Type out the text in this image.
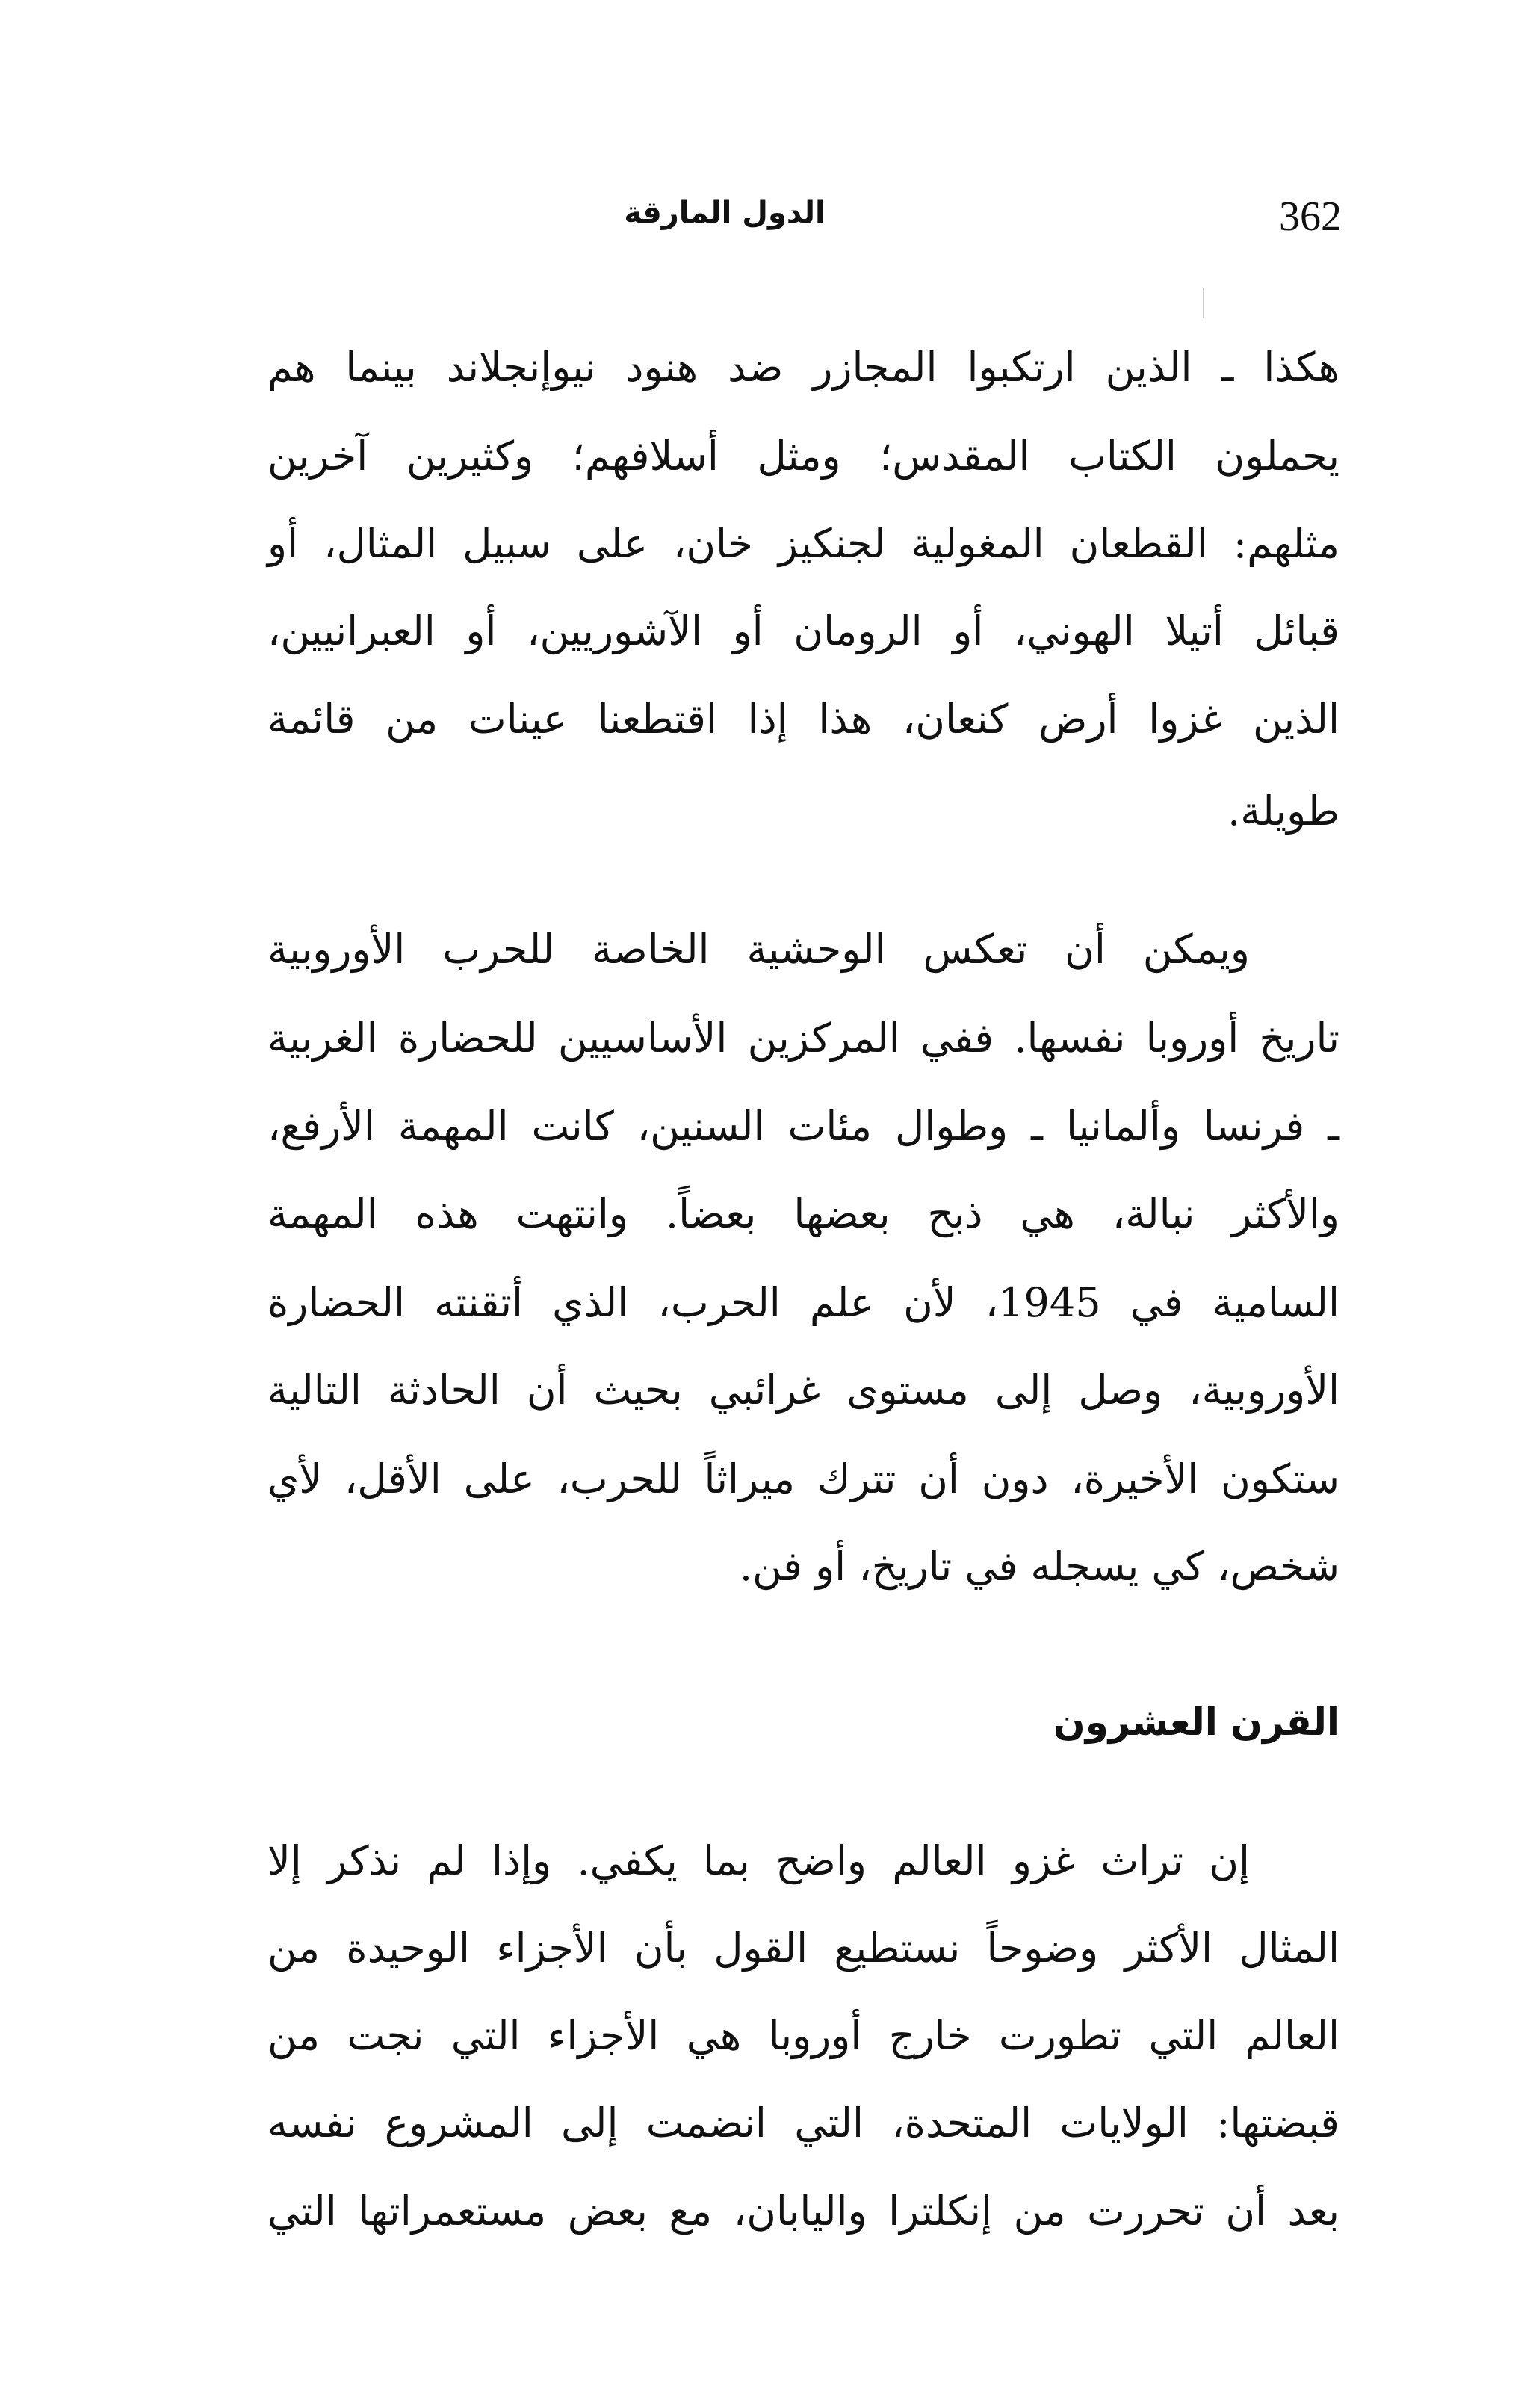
362
الدول المارقة
هكذا ـ الذين ارتكبوا المجازر ضد هنود نيوإنجلاند بينما هم
يحملون الكتاب المقدس؛ ومثل أسلافهم؛ وكثيرين آخرين
مثلهم: القطعان المغولية لجنكيز خان، على سبيل المثال، أو
قبائل أتيلا الهوني، أو الرومان أو الآشوريين، أو العبرانيين،
الذين غزوا أرض كنعان، هذا إذا اقتطعنا عينات من قائمة
طويلة.
ويمكن أن تعكس الوحشية الخاصة للحرب الأوروبية
تاريخ أوروبا نفسها. ففي المركزين الأساسيين للحضارة الغربية
ـ فرنسا وألمانيا ـ وطوال مئات السنين، كانت المهمة الأرفع،
والأكثر نبالة، هي ذبح بعضها بعضاً. وانتهت هذه المهمة
السامية في 1945، لأن علم الحرب، الذي أتقنته الحضارة
الأوروبية، وصل إلى مستوى غرائبي بحيث أن الحادثة التالية
ستكون الأخيرة، دون أن تترك ميراثاً للحرب، على الأقل، لأي
شخص، كي يسجله في تاريخ، أو فن.
القرن العشرون
إن تراث غزو العالم واضح بما يكفي. وإذا لم نذكر إلا
المثال الأكثر وضوحاً نستطيع القول بأن الأجزاء الوحيدة من
العالم التي تطورت خارج أوروبا هي الأجزاء التي نجت من
قبضتها: الولايات المتحدة، التي انضمت إلى المشروع نفسه
بعد أن تحررت من إنكلترا واليابان، مع بعض مستعمراتها التي
